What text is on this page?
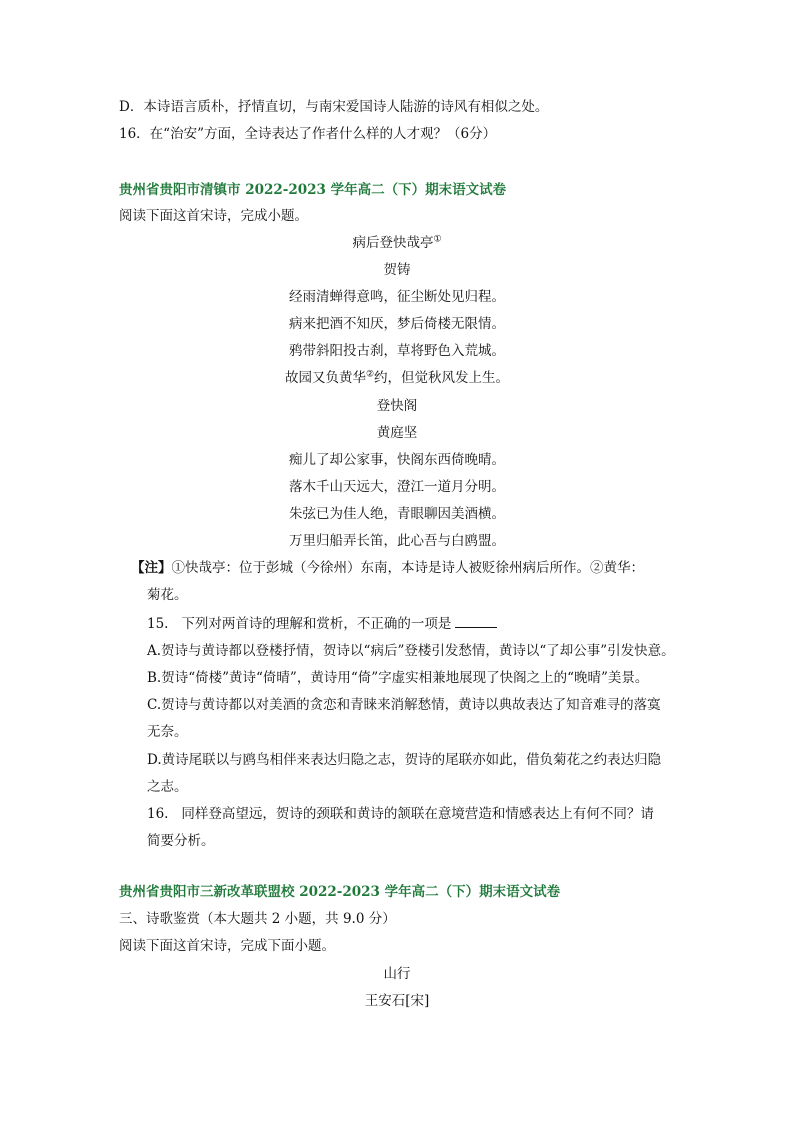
D．本诗语言质朴，抒情直切，与南宋爱国诗人陆游的诗风有相似之处。
16．在“治安”方面，全诗表达了作者什么样的人才观？（6分）
贵州省贵阳市清镇市 2022-2023 学年高二（下）期末语文试卷
阅读下面这首宋诗，完成小题。
病后登快哉亭①
贺铸
经雨清蝉得意鸣，征尘断处见归程。
病来把酒不知厌，梦后倚楼无限情。
鸦带斜阳投古刹，草将野色入荒城。
故园又负黄华②约，但觉秋风发上生。
登快阁
黄庭坚
痴儿了却公家事，快阁东西倚晚晴。
落木千山天远大，澄江一道月分明。
朱弦已为佳人绝，青眼聊因美酒横。
万里归船弄长笛，此心吾与白鸥盟。
【注】①快哉亭：位于彭城（今徐州）东南，本诗是诗人被贬徐州病后所作。②黄华：
菊花。
15. 下列对两首诗的理解和赏析，不正确的一项是
A.贺诗与黄诗都以登楼抒情，贺诗以“病后”登楼引发愁情，黄诗以“了却公事”引发快意。
B.贺诗“倚楼”黄诗“倚晴”，黄诗用“倚”字虚实相兼地展现了快阁之上的“晚晴”美景。
C.贺诗与黄诗都以对美酒的贪恋和青睐来消解愁情，黄诗以典故表达了知音难寻的落寞
无奈。
D.黄诗尾联以与鸥鸟相伴来表达归隐之志，贺诗的尾联亦如此，借负菊花之约表达归隐
之志。
16. 同样登高望远，贺诗的颈联和黄诗的颔联在意境营造和情感表达上有何不同？请
简要分析。
贵州省贵阳市三新改革联盟校 2022-2023 学年高二（下）期末语文试卷
三、诗歌鉴赏（本大题共 2 小题，共 9.0 分）
阅读下面这首宋诗，完成下面小题。
山行
王安石[宋]
